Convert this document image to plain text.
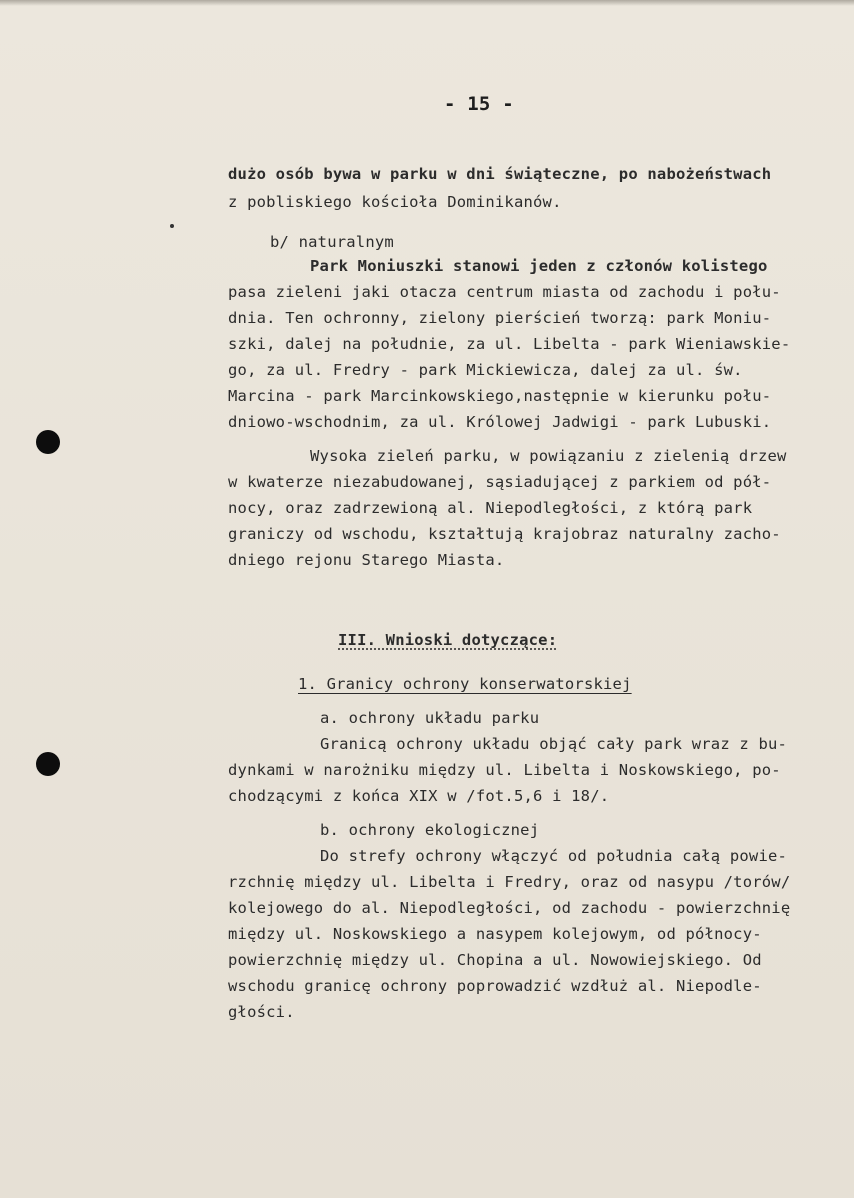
- 15 -

dużo osób bywa w parku w dni świąteczne, po nabożeństwach

z pobliskiego kościoła Dominikanów.

b/ naturalnym

Park Moniuszki stanowi jeden z członów kolistego

pasa zieleni jaki otacza centrum miasta od zachodu i połu-

dnia. Ten ochronny, zielony pierścień tworzą: park Moniu-

szki, dalej na południe, za ul. Libelta - park Wieniawskie-

go, za ul. Fredry - park Mickiewicza, dalej za ul. św.

Marcina - park Marcinkowskiego,następnie w kierunku połu-

dniowo-wschodnim, za ul. Królowej Jadwigi - park Lubuski.

Wysoka zieleń parku, w powiązaniu z zielenią drzew

w kwaterze niezabudowanej, sąsiadującej z parkiem od pół-

nocy, oraz zadrzewioną al. Niepodległości, z którą park

graniczy od wschodu, kształtują krajobraz naturalny zacho-

dniego rejonu Starego Miasta.

III. Wnioski dotyczące:

1. Granicy ochrony konserwatorskiej

a. ochrony układu parku

Granicą ochrony układu objąć cały park wraz z bu-

dynkami w narożniku między ul. Libelta i Noskowskiego, po-

chodzącymi z końca XIX w /fot.5,6 i 18/.

b. ochrony ekologicznej

Do strefy ochrony włączyć od południa całą powie-

rzchnię między ul. Libelta i Fredry, oraz od nasypu /torów/

kolejowego do al. Niepodległości, od zachodu - powierzchnię

między ul. Noskowskiego a nasypem kolejowym, od północy-

powierzchnię między ul. Chopina a ul. Nowowiejskiego. Od

wschodu granicę ochrony poprowadzić wzdłuż al. Niepodle-

głości.
